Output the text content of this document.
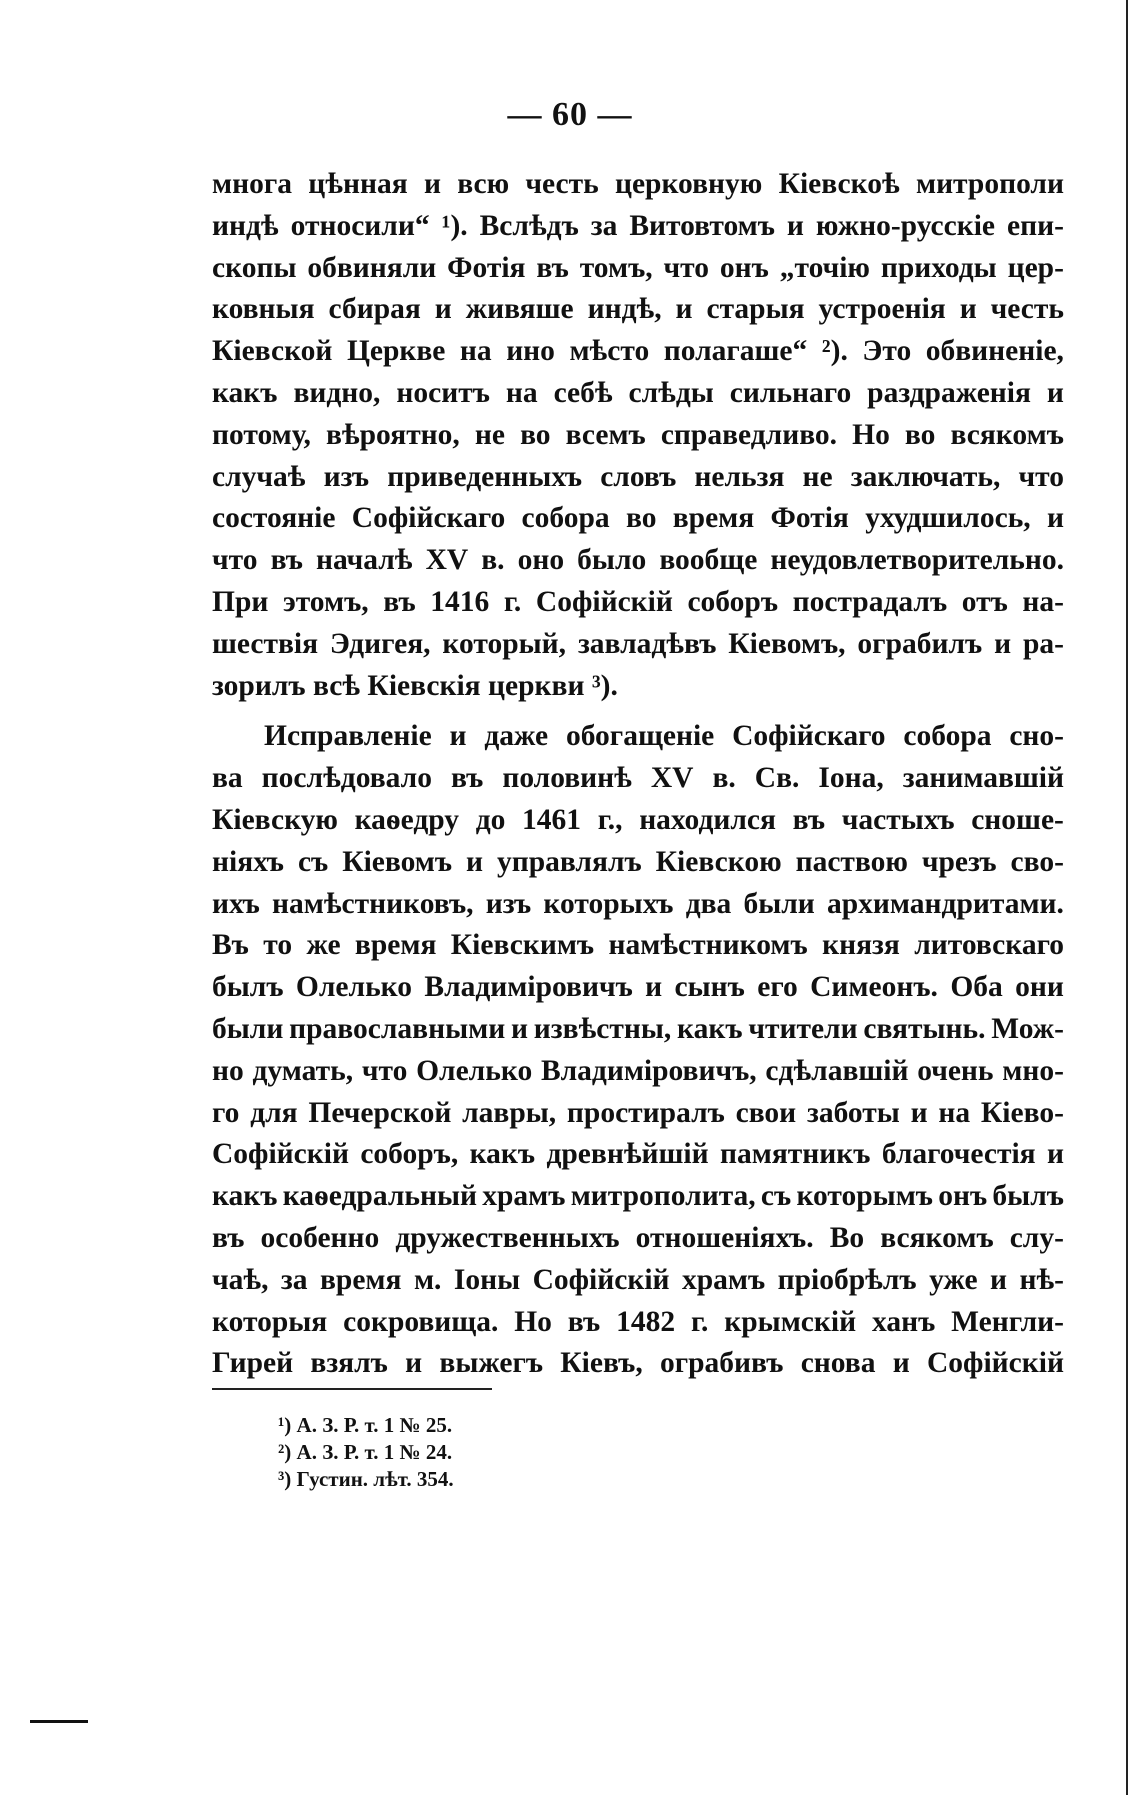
— 60 —
многа цѣнная и всю честь церковную Кіевскоѣ митрополи
индѣ относили“ ¹). Вслѣдъ за Витовтомъ и южно-русскіе епи-
скопы обвиняли Фотія въ томъ, что онъ „точію приходы цер-
ковныя сбирая и живяше индѣ, и старыя устроенія и честь
Кіевской Церкве на ино мѣсто полагаше“ ²). Это обвиненіе,
какъ видно, носитъ на себѣ слѣды сильнаго раздраженія и
потому, вѣроятно, не во всемъ справедливо. Но во всякомъ
случаѣ изъ приведенныхъ словъ нельзя не заключать, что
состояніе Софійскаго собора во время Фотія ухудшилось, и
что въ началѣ XV в. оно было вообще неудовлетворительно.
При этомъ, въ 1416 г. Софійскій соборъ пострадалъ отъ на-
шествія Эдигея, который, завладѣвъ Кіевомъ, ограбилъ и ра-
зорилъ всѣ Кіевскія церкви ³).
Исправленіе и даже обогащеніе Софійскаго собора сно-
ва послѣдовало въ половинѣ XV в. Св. Іона, занимавшій
Кіевскую каѳедру до 1461 г., находился въ частыхъ сноше-
ніяхъ съ Кіевомъ и управлялъ Кіевскою паствою чрезъ сво-
ихъ намѣстниковъ, изъ которыхъ два были архимандритами.
Въ то же время Кіевскимъ намѣстникомъ князя литовскаго
былъ Олелько Владиміровичъ и сынъ его Симеонъ. Оба они
были православными и извѣстны, какъ чтители святынь. Мож-
но думать, что Олелько Владиміровичъ, сдѣлавшій очень мно-
го для Печерской лавры, простиралъ свои заботы и на Кіево-
Софійскій соборъ, какъ древнѣйшій памятникъ благочестія и
какъ каѳедральный храмъ митрополита, съ которымъ онъ былъ
въ особенно дружественныхъ отношеніяхъ. Во всякомъ слу-
чаѣ, за время м. Іоны Софійскій храмъ пріобрѣлъ уже и нѣ-
которыя сокровища. Но въ 1482 г. крымскій ханъ Менгли-
Гирей взялъ и выжегъ Кіевъ, ограбивъ снова и Софійскій
¹) А. З. Р. т. 1 № 25.
²) А. З. Р. т. 1 № 24.
³) Густин. лѣт. 354.
